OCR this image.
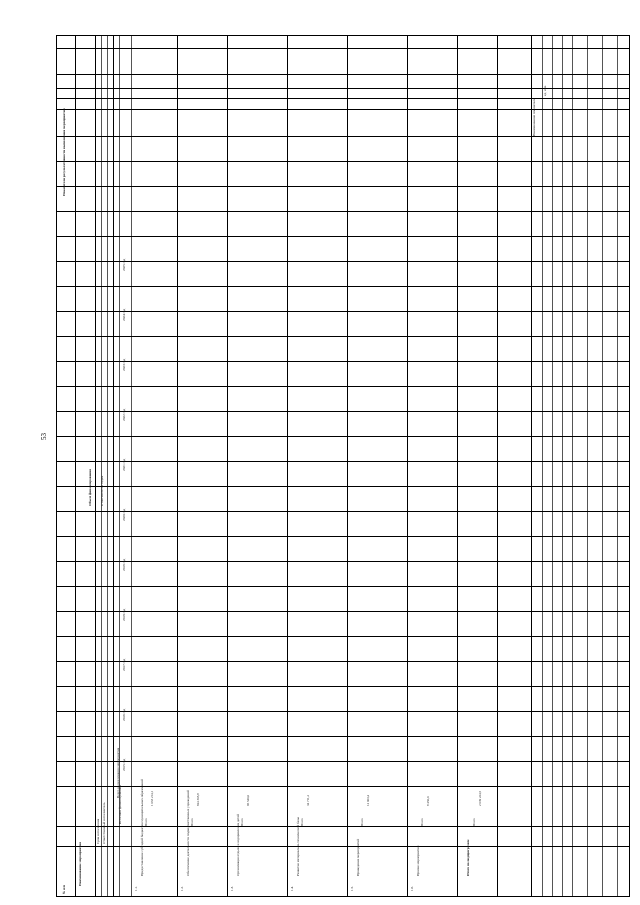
53
№ п/п
Наименование мероприятия
Срок исполнения Ответственный исполнитель	Источник финансирования
Всего на реализацию мероприятия
Объем финансирования в том числе по годам
Показатели результативности выполнения мероприятия	Наименование показателя
ед. изм.
2015 год
2016 год
2017 год
2018 год
2019 год
2020 год
2021 год
2022 год
2023 год
2024 год
2025 год
1.1.
Предоставление субсидий бюджетам муниципальных образований Всего
1 063 214,1
1.2.
Обеспечение деятельности подведомственных учреждений Всего
824 305,8
1.3.
Организация отдыха и оздоровления детей Всего
96 540,0
1.4.
Развитие материально-технической базы Всего
34 711,2
1.5.
Проведение мероприятий
Всего
12 003,4
1.6.
Прочие мероприятия
Всего
8 450,0
Итого по подпрограмме
Всего
2 039 224,5
